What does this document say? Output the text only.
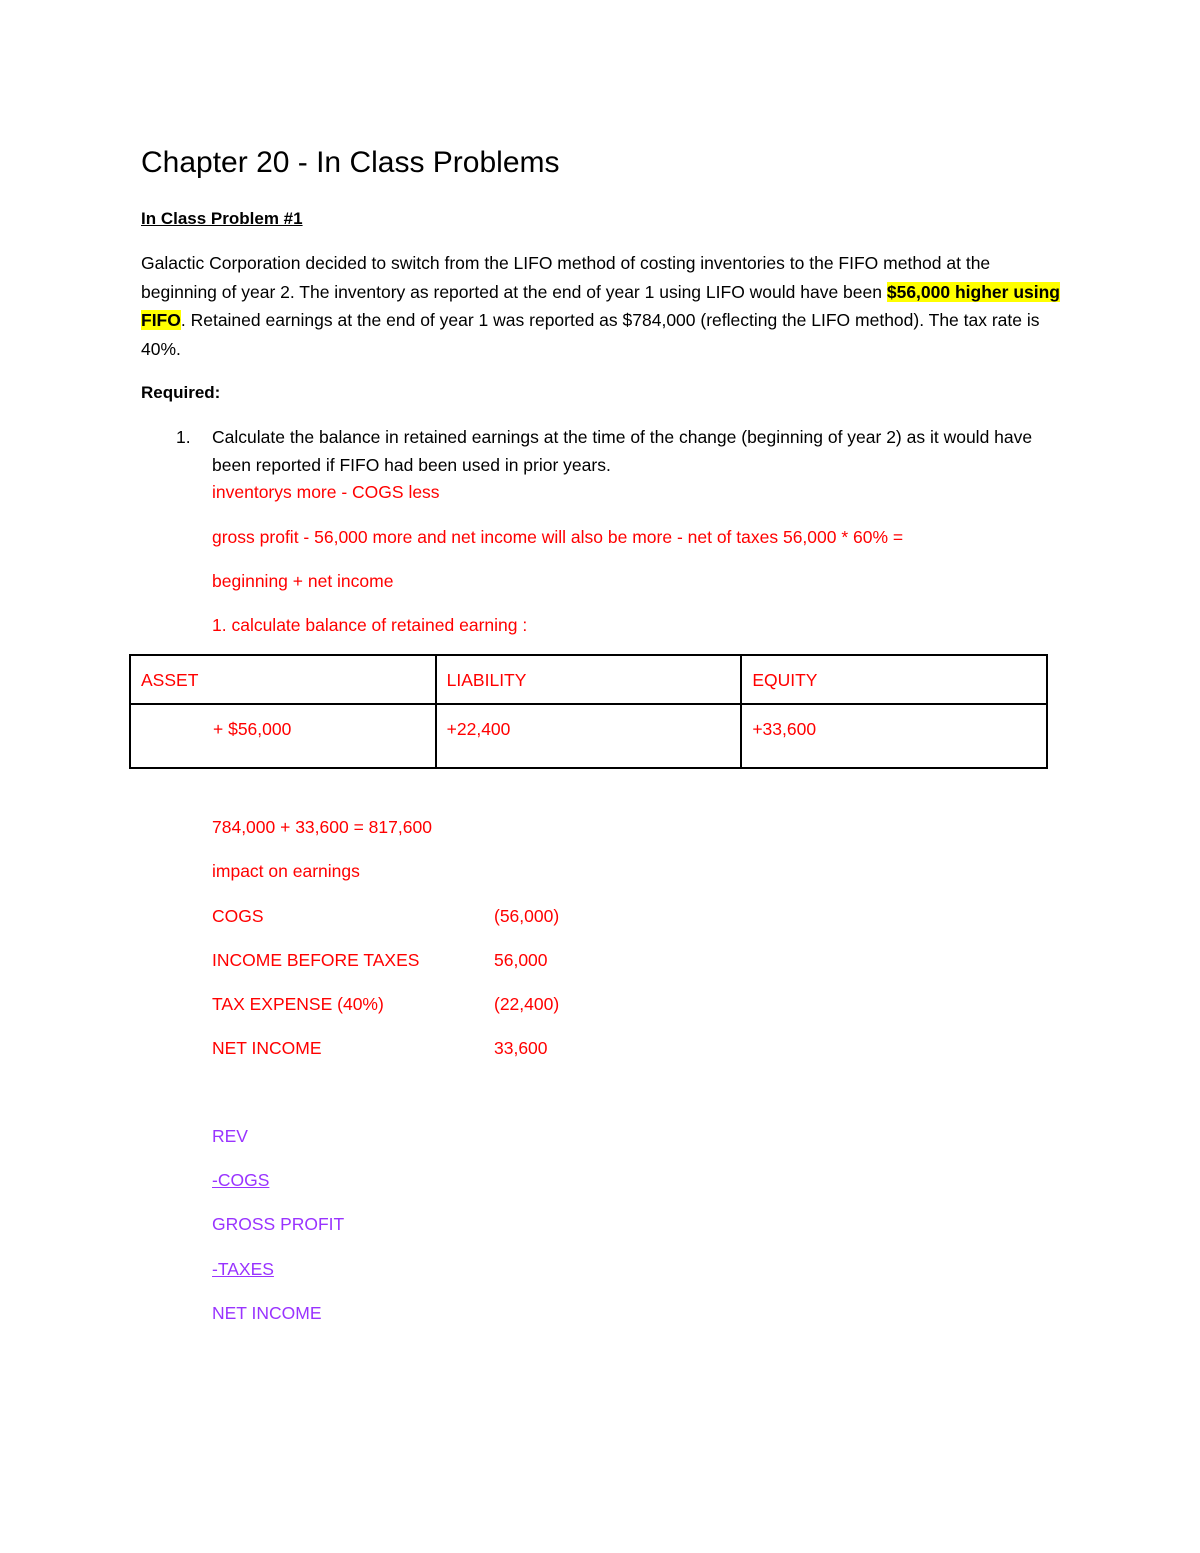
Chapter 20 - In Class Problems
In Class Problem #1
Galactic Corporation decided to switch from the LIFO method of costing inventories to the FIFO method at the beginning of year 2. The inventory as reported at the end of year 1 using LIFO would have been $56,000 higher using FIFO. Retained earnings at the end of year 1 was reported as $784,000 (reflecting the LIFO method). The tax rate is 40%.
Required:
1. Calculate the balance in retained earnings at the time of the change (beginning of year 2) as it would have been reported if FIFO had been used in prior years.
inventorys more - COGS less
gross profit - 56,000 more and net income will also be more - net of taxes 56,000 * 60% =
beginning + net income
1. calculate balance of retained earning :
ASSET	LIABILITY	EQUITY

+ $56,000	+22,400	+33,600
784,000 + 33,600 = 817,600
impact on earnings
COGS	(56,000)
INCOME BEFORE TAXES	56,000
TAX EXPENSE (40%)	(22,400)
NET INCOME	33,600
REV
-COGS
GROSS PROFIT
-TAXES
NET INCOME
